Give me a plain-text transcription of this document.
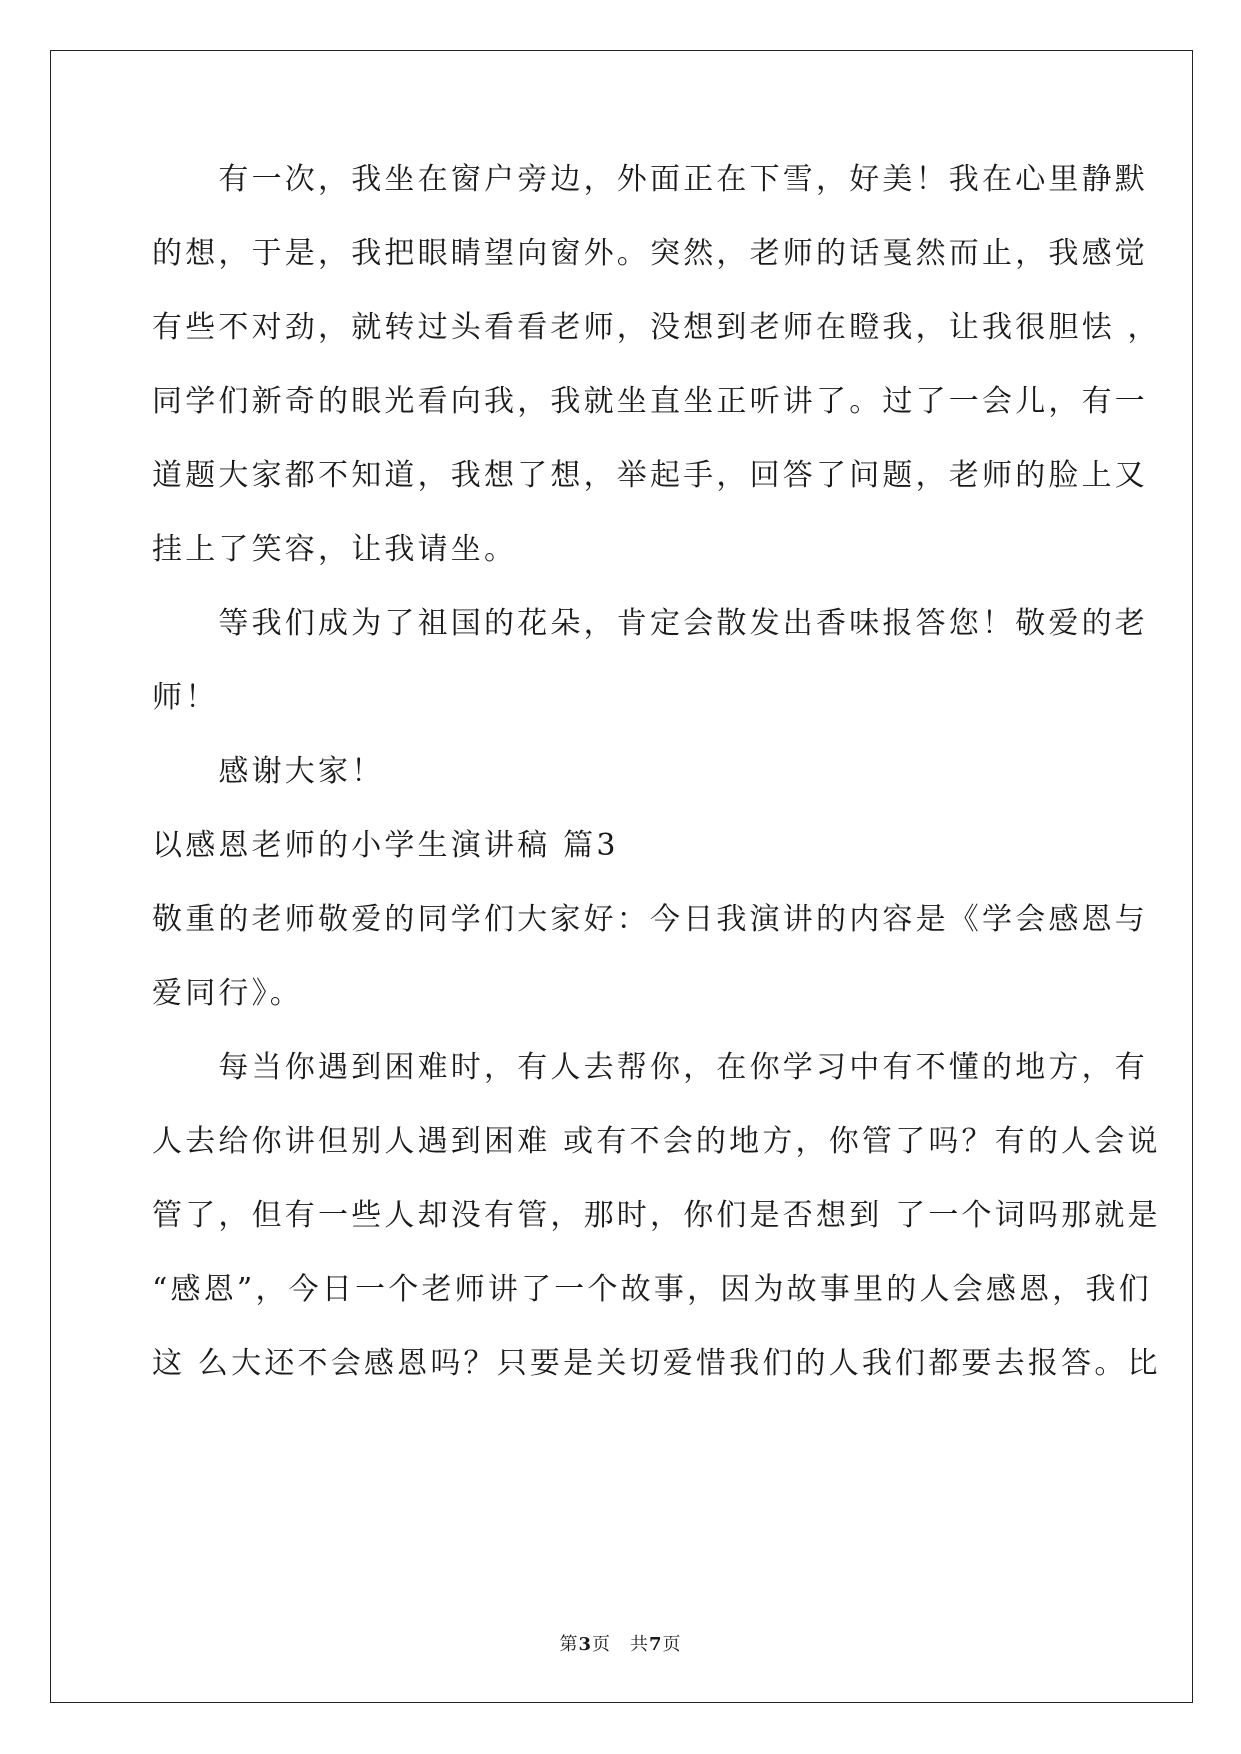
　　有一次，我坐在窗户旁边，外面正在下雪，好美！我在心里静默
的想，于是，我把眼睛望向窗外。突然，老师的话戛然而止，我感觉
有些不对劲，就转过头看看老师，没想到老师在瞪我，让我很胆怯 ，
同学们新奇的眼光看向我，我就坐直坐正听讲了。过了一会儿，有一
道题大家都不知道，我想了想，举起手，回答了问题，老师的脸上又
挂上了笑容，让我请坐。
　　等我们成为了祖国的花朵，肯定会散发出香味报答您！敬爱的老
师！
　　感谢大家！
以感恩老师的小学生演讲稿 篇3
敬重的老师敬爱的同学们大家好：今日我演讲的内容是《学会感恩与
爱同行》。
　　每当你遇到困难时，有人去帮你，在你学习中有不懂的地方，有
人去给你讲但别人遇到困难 或有不会的地方，你管了吗？有的人会说
管了，但有一些人却没有管，那时，你们是否想到 了一个词吗那就是
“感恩”，今日一个老师讲了一个故事，因为故事里的人会感恩，我们
这 么大还不会感恩吗？只要是关切爱惜我们的人我们都要去报答。比
第3页　共7页
